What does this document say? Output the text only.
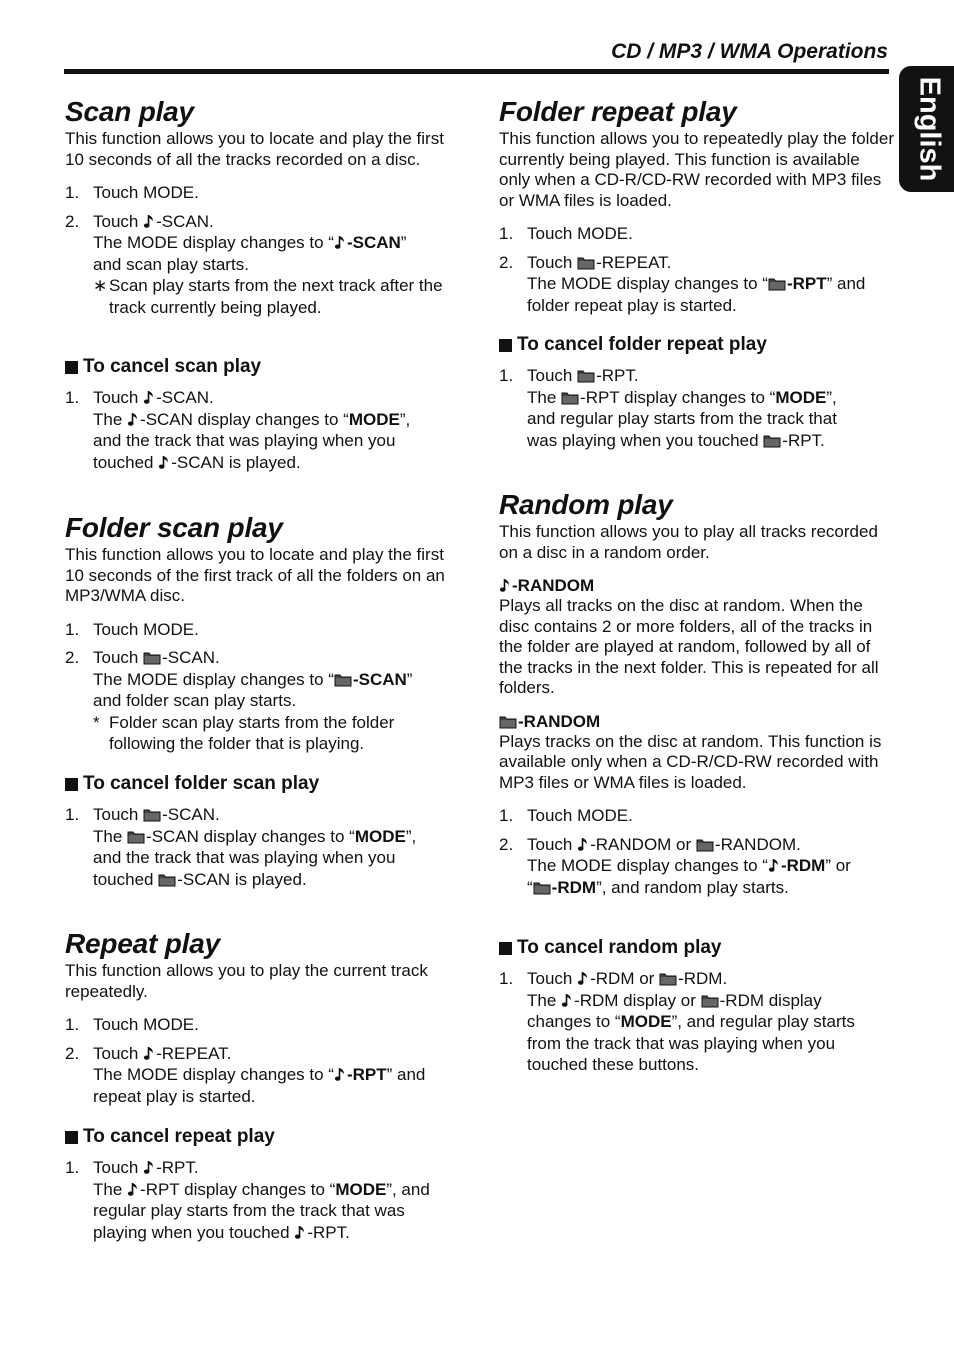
CD / MP3 / WMA Operations
English
Scan play

This function allows you to locate and play the first 10 seconds of all the tracks recorded on a disc.

1. Touch MODE.
2. Touch -SCAN.
The MODE display changes to “ -SCAN”
and scan play starts.
∗ Scan play starts from the next track after the track currently being played.
To cancel scan play
1. Touch -SCAN.
The -SCAN display changes to “MODE”,
and the track that was playing when you
touched -SCAN is played.
Folder scan play

This function allows you to locate and play the first 10 seconds of the first track of all the folders on an MP3/WMA disc.

1. Touch MODE.
2. Touch -SCAN.
The MODE display changes to “ -SCAN”
and folder scan play starts.
* Folder scan play starts from the folder following the folder that is playing.
To cancel folder scan play
1. Touch -SCAN.
The -SCAN display changes to “MODE”,
and the track that was playing when you
touched -SCAN is played.
Repeat play

This function allows you to play the current track repeatedly.

1. Touch MODE.
2. Touch -REPEAT.
The MODE display changes to “ -RPT” and
repeat play is started.
To cancel repeat play
1. Touch -RPT.
The -RPT display changes to “MODE”, and
regular play starts from the track that was
playing when you touched -RPT.
Folder repeat play

This function allows you to repeatedly play the folder currently being played. This function is available only when a CD-R/CD-RW recorded with MP3 files or WMA files is loaded.

1. Touch MODE.
2. Touch -REPEAT.
The MODE display changes to “ -RPT” and
folder repeat play is started.
To cancel folder repeat play
1. Touch -RPT.
The -RPT display changes to “MODE”,
and regular play starts from the track that
was playing when you touched -RPT.
Random play

This function allows you to play all tracks recorded on a disc in a random order.

-RANDOM

Plays all tracks on the disc at random. When the disc contains 2 or more folders, all of the tracks in the folder are played at random, followed by all of the tracks in the next folder. This is repeated for all folders.

-RANDOM

Plays tracks on the disc at random. This function is available only when a CD-R/CD-RW recorded with MP3 files or WMA files is loaded.

1. Touch MODE.
2. Touch -RANDOM or -RANDOM.
The MODE display changes to “ -RDM” or
“ -RDM”, and random play starts.
To cancel random play
1. Touch -RDM or -RDM.
The -RDM display or -RDM display
changes to “MODE”, and regular play starts
from the track that was playing when you touched these buttons.
